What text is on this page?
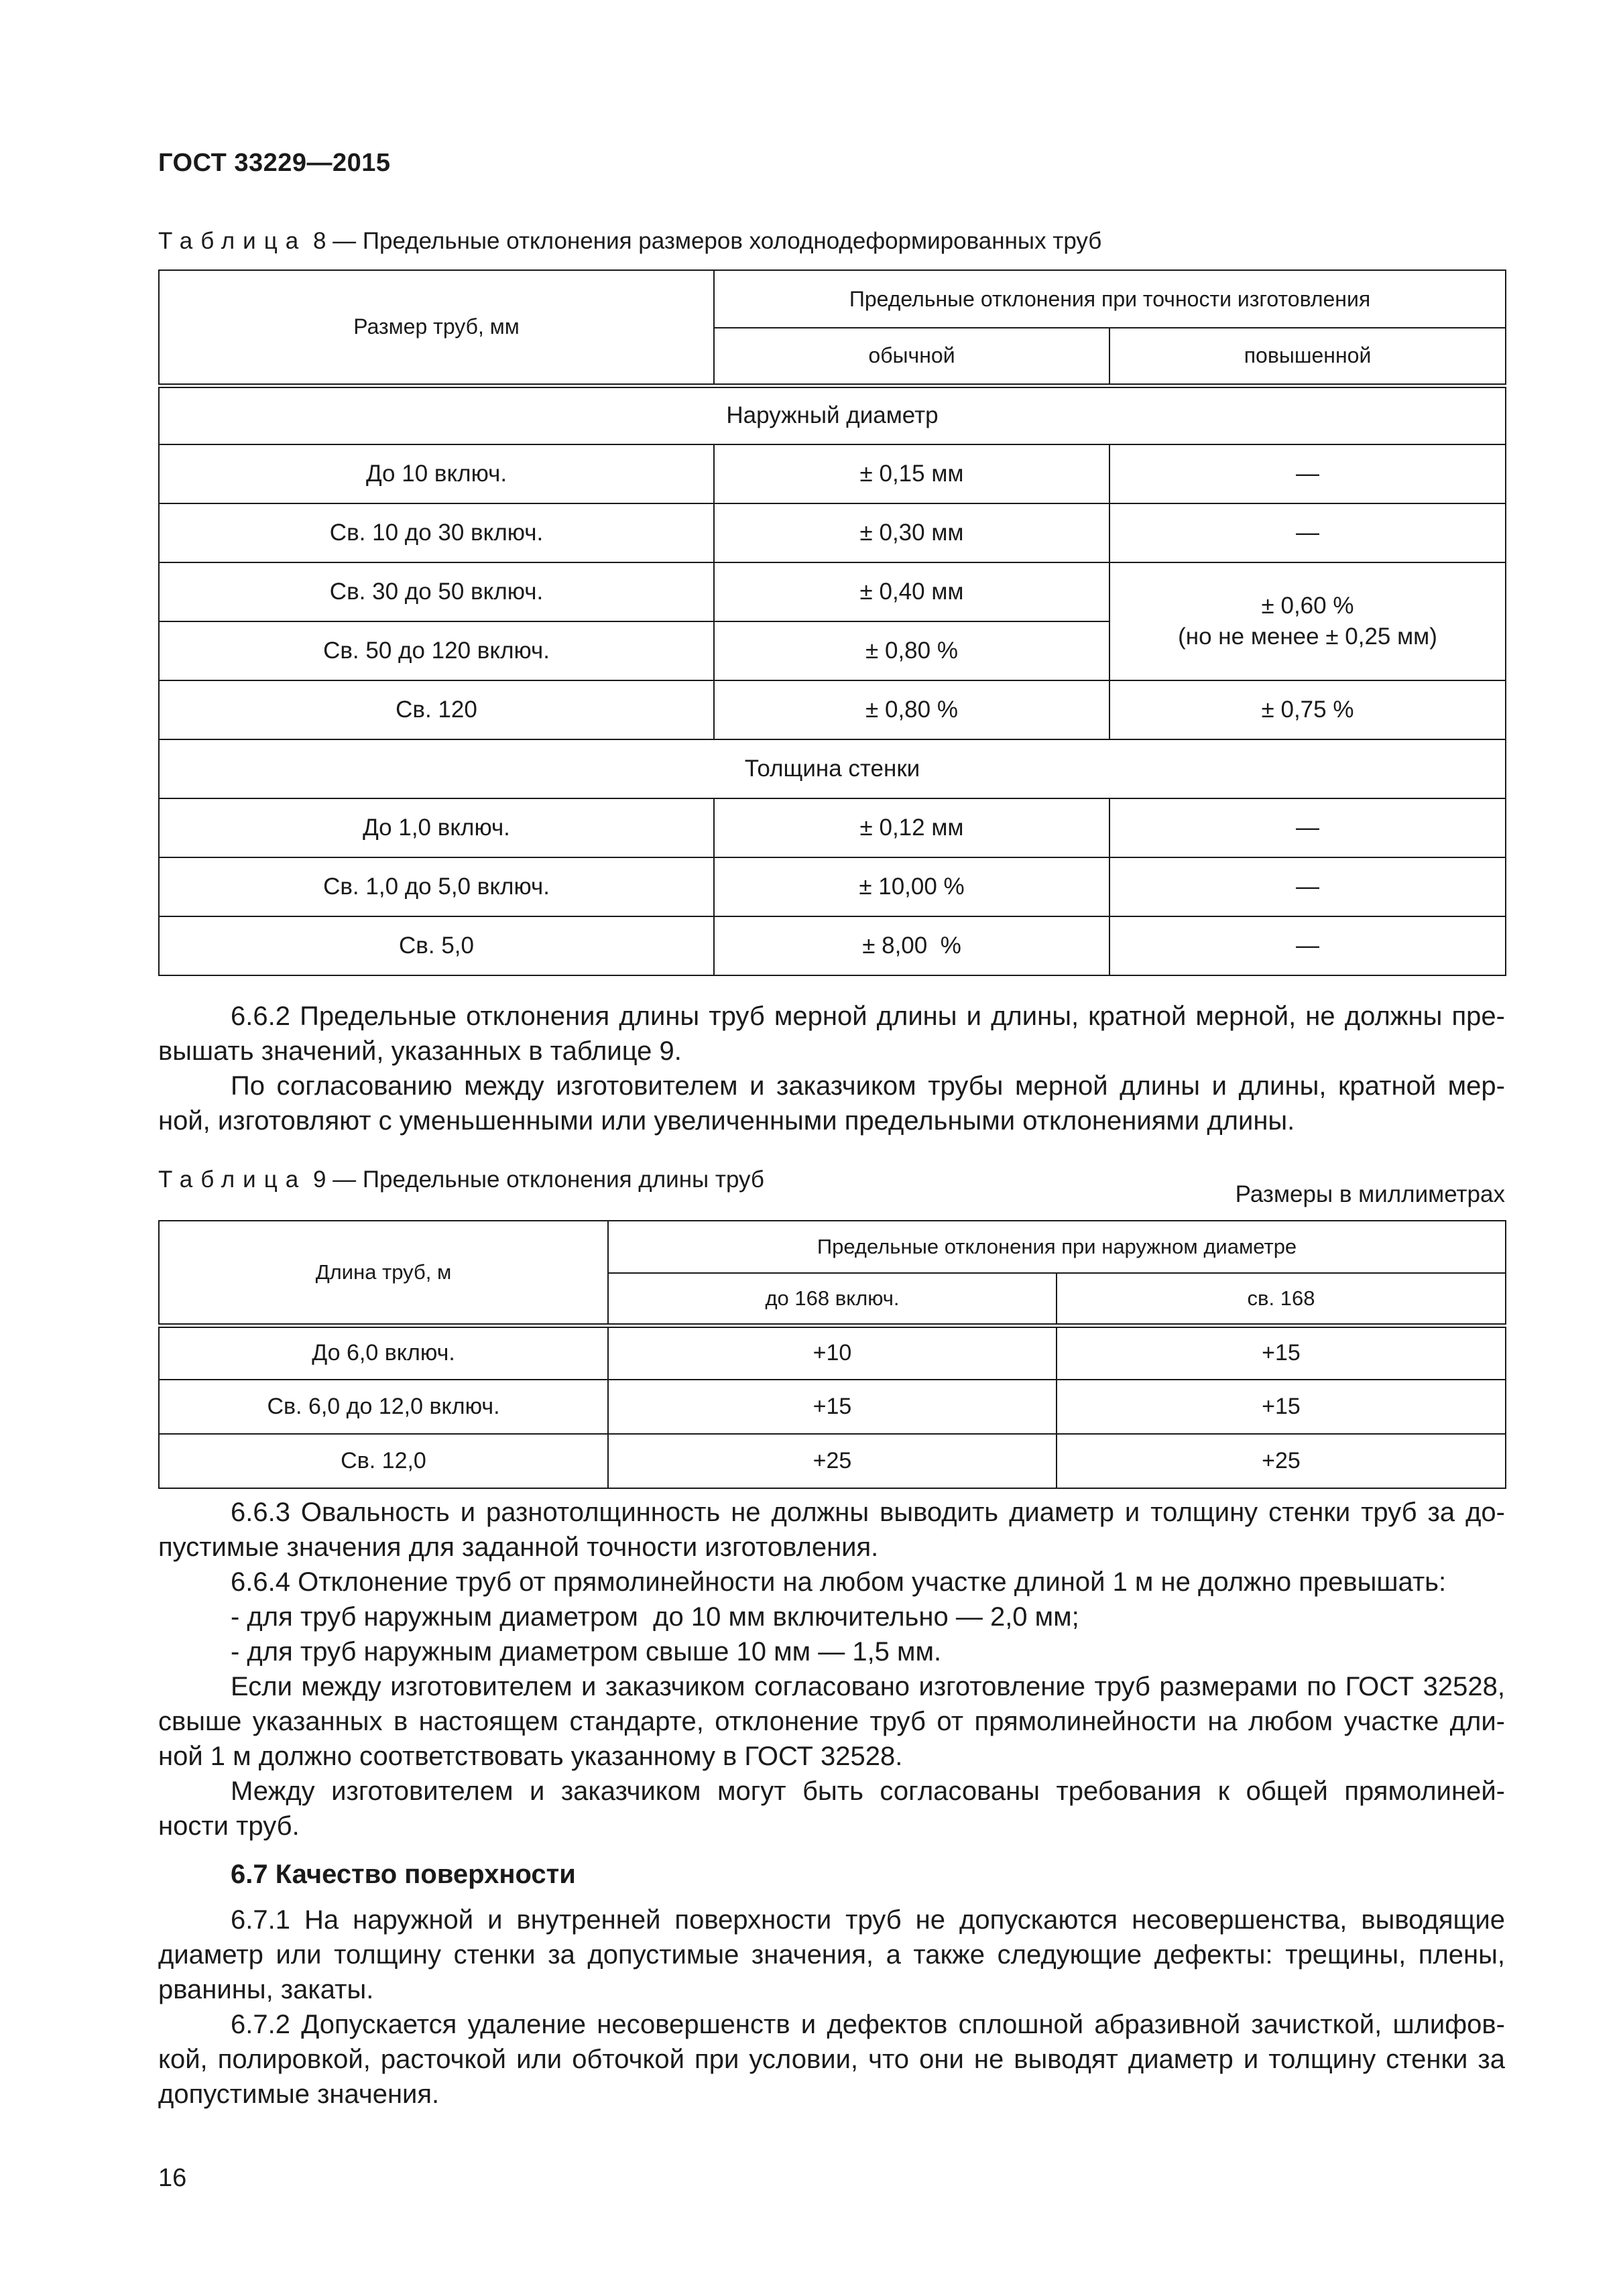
ГОСТ 33229—2015
Таблица 8 — Предельные отклонения размеров холоднодеформированных труб
Размер труб, мм	Предельные отклонения при точности изготовления	
	обычной	повышенной
Наружный диаметр		
До 10 включ.	± 0,15 мм	—
Св. 10 до 30 включ.	± 0,30 мм	—
Св. 30 до 50 включ.	± 0,40 мм	± 0,60 %
(но не менее ± 0,25 мм)

Св. 50 до 120 включ.	± 0,80 %	
Св. 120	± 0,80 %	± 0,75 %
Толщина стенки		
До 1,0 включ.	± 0,12 мм	—
Св. 1,0 до 5,0 включ.	± 10,00 %	—
Св. 5,0	± 8,00  %	—

6.6.2 Предельные отклонения длины труб мерной длины и длины, кратной мерной, не должны пре-

вышать значений, указанных в таблице 9.

По согласованию между изготовителем и заказчиком трубы мерной длины и длины, кратной мер-

ной, изготовляют с уменьшенными или увеличенными предельными отклонениями длины.

Таблица 9 — Предельные отклонения длины труб
Размеры в миллиметрах
Длина труб, м	Предельные отклонения при наружном диаметре	
	до 168 включ.	св. 168
До 6,0 включ.	+10	+15
Св. 6,0 до 12,0 включ.	+15	+15
Св. 12,0	+25	+25

6.6.3 Овальность и разнотолщинность не должны выводить диаметр и толщину стенки труб за до-

пустимые значения для заданной точности изготовления.

6.6.4 Отклонение труб от прямолинейности на любом участке длиной 1 м не должно превышать:

- для труб наружным диаметром  до 10 мм включительно — 2,0 мм;

- для труб наружным диаметром свыше 10 мм — 1,5 мм.

Если между изготовителем и заказчиком согласовано изготовление труб размерами по ГОСТ 32528,

свыше указанных в настоящем стандарте, отклонение труб от прямолинейности на любом участке дли-

ной 1 м должно соответствовать указанному в ГОСТ 32528.

Между изготовителем и заказчиком могут быть согласованы требования к общей прямолиней-

ности труб.

6.7 Качество поверхности

6.7.1 На наружной и внутренней поверхности труб не допускаются несовершенства, выводящие

диаметр или толщину стенки за допустимые значения, а также следующие дефекты: трещины, плены,

рванины, закаты.

6.7.2 Допускается удаление несовершенств и дефектов сплошной абразивной зачисткой, шлифов-

кой, полировкой, расточкой или обточкой при условии, что они не выводят диаметр и толщину стенки за

допустимые значения.

16
